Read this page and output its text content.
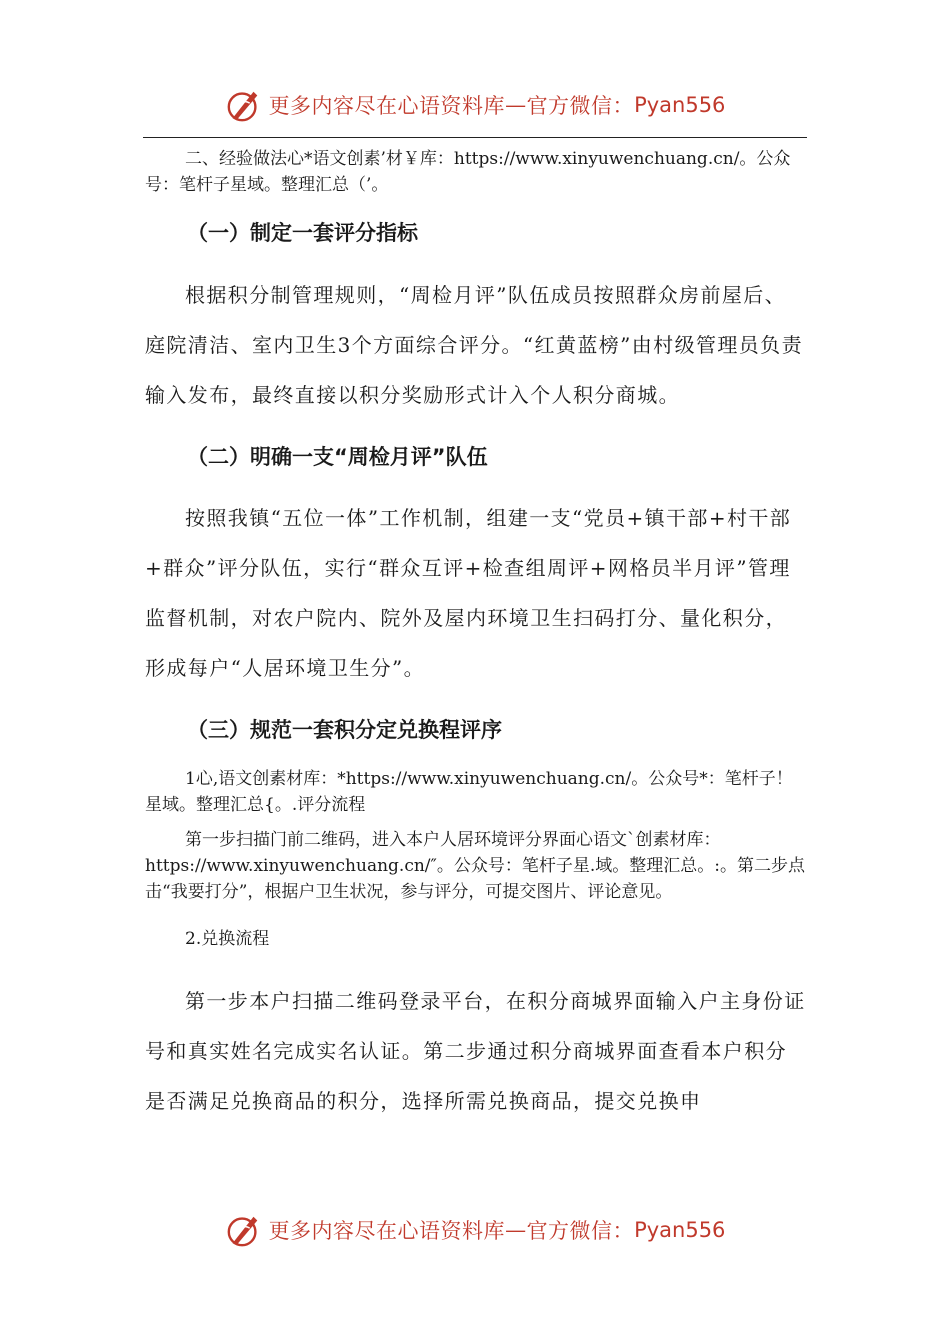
更多内容尽在心语资料库 — 官方微信： Pyan556

二、经验做法心*语文创素’材￥库：https://www.xinyuwenchuang.cn/。公众号：笔杆子星域。整理汇总（’。

（一）制定一套评分指标

根据积分制管理规则，“周检月评”队伍成员按照群众房前屋后、庭院清洁、室内卫生3个方面综合评分。“红黄蓝榜”由村级管理员负责输入发布，最终直接以积分奖励形式计入个人积分商城。

（二）明确一支“周检月评”队伍

按照我镇“五位一体”工作机制，组建一支“党员+镇干部+村干部+群众”评分队伍，实行“群众互评+检查组周评+网格员半月评”管理监督机制，对农户院内、院外及屋内环境卫生扫码打分、量化积分，形成每户“人居环境卫生分”。

（三）规范一套积分定兑换程评序

1心,语文创素材库：*https://www.xinyuwenchuang.cn/。公众号*：笔杆子！星域。整理汇总{。.评分流程

第一步扫描门前二维码，进入本户人居环境评分界面心语文`创素材库：https://www.xinyuwenchuang.cn/″。公众号：笔杆子星.域。整理汇总。:。第二步点击“我要打分”，根据户卫生状况，参与评分，可提交图片、评论意见。

2.兑换流程

第一步本户扫描二维码登录平台，在积分商城界面输入户主身份证号和真实姓名完成实名认证。第二步通过积分商城界面查看本户积分是否满足兑换商品的积分，选择所需兑换商品，提交兑换申

更多内容尽在心语资料库 — 官方微信： Pyan556
